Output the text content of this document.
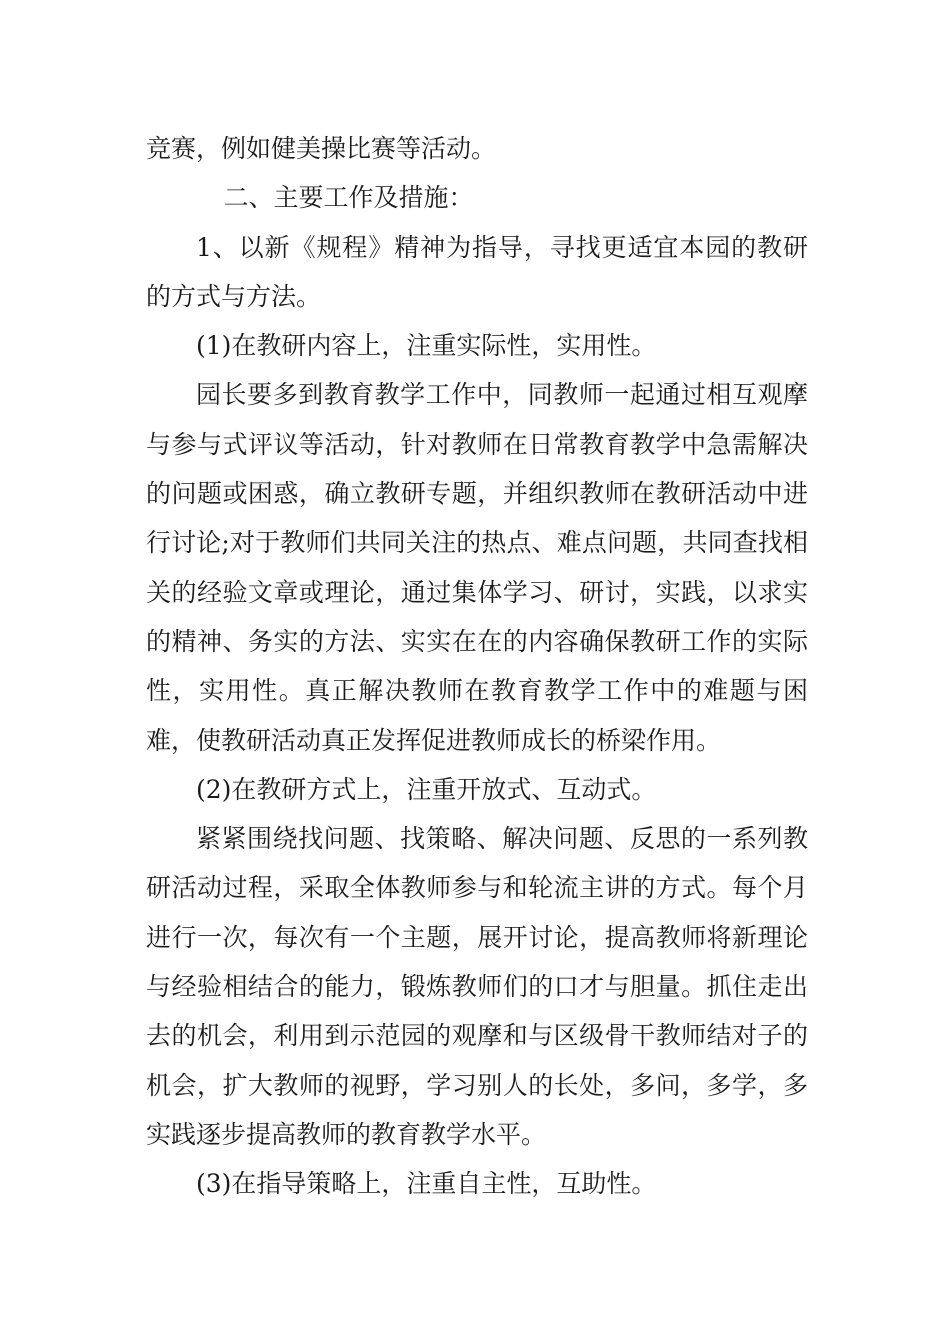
竞赛，例如健美操比赛等活动。

二、主要工作及措施：

1、以新《规程》精神为指导，寻找更适宜本园的教研的方式与方法。

(1)在教研内容上，注重实际性，实用性。

园长要多到教育教学工作中，同教师一起通过相互观摩与参与式评议等活动，针对教师在日常教育教学中急需解决的问题或困惑，确立教研专题，并组织教师在教研活动中进行讨论;对于教师们共同关注的热点、难点问题，共同查找相关的经验文章或理论，通过集体学习、研讨，实践，以求实的精神、务实的方法、实实在在的内容确保教研工作的实际性，实用性。真正解决教师在教育教学工作中的难题与困难，使教研活动真正发挥促进教师成长的桥梁作用。

(2)在教研方式上，注重开放式、互动式。

紧紧围绕找问题、找策略、解决问题、反思的一系列教研活动过程，采取全体教师参与和轮流主讲的方式。每个月进行一次，每次有一个主题，展开讨论，提高教师将新理论与经验相结合的能力，锻炼教师们的口才与胆量。抓住走出去的机会，利用到示范园的观摩和与区级骨干教师结对子的机会，扩大教师的视野，学习别人的长处，多问，多学，多实践逐步提高教师的教育教学水平。

(3)在指导策略上，注重自主性，互助性。
